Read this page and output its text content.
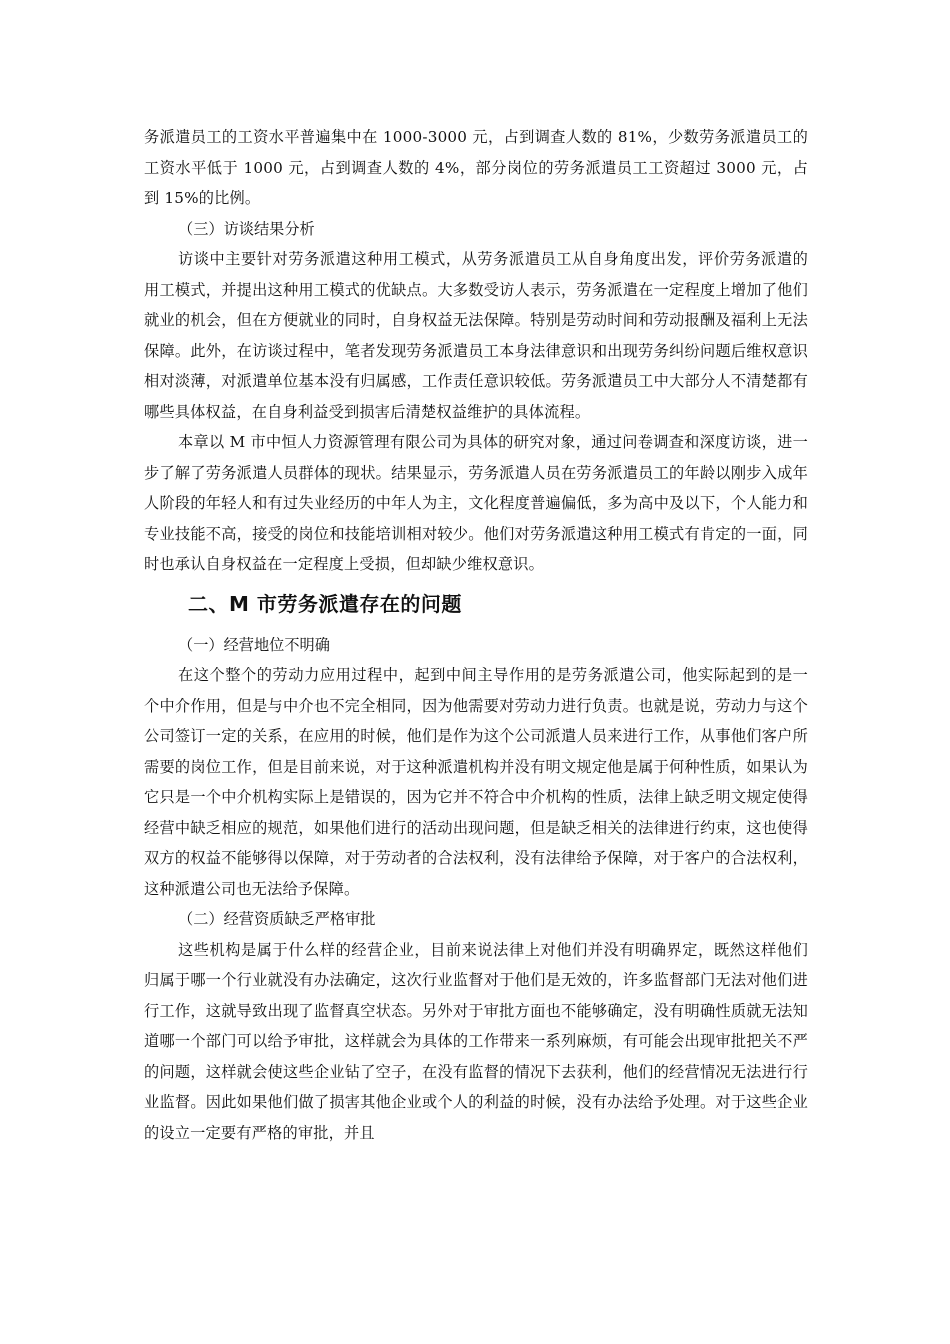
务派遣员工的工资水平普遍集中在 1000-3000 元，占到调查人数的 81%，少数劳务派遣员工的工资水平低于 1000 元，占到调查人数的 4%，部分岗位的劳务派遣员工工资超过 3000 元，占到 15%的比例。

（三）访谈结果分析

访谈中主要针对劳务派遣这种用工模式，从劳务派遣员工从自身角度出发，评价劳务派遣的用工模式，并提出这种用工模式的优缺点。大多数受访人表示，劳务派遣在一定程度上增加了他们就业的机会，但在方便就业的同时，自身权益无法保障。特别是劳动时间和劳动报酬及福利上无法保障。此外，在访谈过程中，笔者发现劳务派遣员工本身法律意识和出现劳务纠纷问题后维权意识相对淡薄，对派遣单位基本没有归属感，工作责任意识较低。劳务派遣员工中大部分人不清楚都有哪些具体权益，在自身利益受到损害后清楚权益维护的具体流程。

本章以 M 市中恒人力资源管理有限公司为具体的研究对象，通过问卷调查和深度访谈，进一步了解了劳务派遣人员群体的现状。结果显示，劳务派遣人员在劳务派遣员工的年龄以刚步入成年人阶段的年轻人和有过失业经历的中年人为主，文化程度普遍偏低，多为高中及以下，个人能力和专业技能不高，接受的岗位和技能培训相对较少。他们对劳务派遣这种用工模式有肯定的一面，同时也承认自身权益在一定程度上受损，但却缺少维权意识。

二、M 市劳务派遣存在的问题
（一）经营地位不明确

在这个整个的劳动力应用过程中，起到中间主导作用的是劳务派遣公司，他实际起到的是一个中介作用，但是与中介也不完全相同，因为他需要对劳动力进行负责。也就是说，劳动力与这个公司签订一定的关系，在应用的时候，他们是作为这个公司派遣人员来进行工作，从事他们客户所需要的岗位工作，但是目前来说，对于这种派遣机构并没有明文规定他是属于何种性质，如果认为它只是一个中介机构实际上是错误的，因为它并不符合中介机构的性质，法律上缺乏明文规定使得经营中缺乏相应的规范，如果他们进行的活动出现问题，但是缺乏相关的法律进行约束，这也使得双方的权益不能够得以保障，对于劳动者的合法权利，没有法律给予保障，对于客户的合法权利，这种派遣公司也无法给予保障。

（二）经营资质缺乏严格审批

这些机构是属于什么样的经营企业，目前来说法律上对他们并没有明确界定，既然这样他们归属于哪一个行业就没有办法确定，这次行业监督对于他们是无效的，许多监督部门无法对他们进行工作，这就导致出现了监督真空状态。另外对于审批方面也不能够确定，没有明确性质就无法知道哪一个部门可以给予审批，这样就会为具体的工作带来一系列麻烦，有可能会出现审批把关不严的问题，这样就会使这些企业钻了空子，在没有监督的情况下去获利，他们的经营情况无法进行行业监督。因此如果他们做了损害其他企业或个人的利益的时候，没有办法给予处理。对于这些企业的设立一定要有严格的审批，并且
